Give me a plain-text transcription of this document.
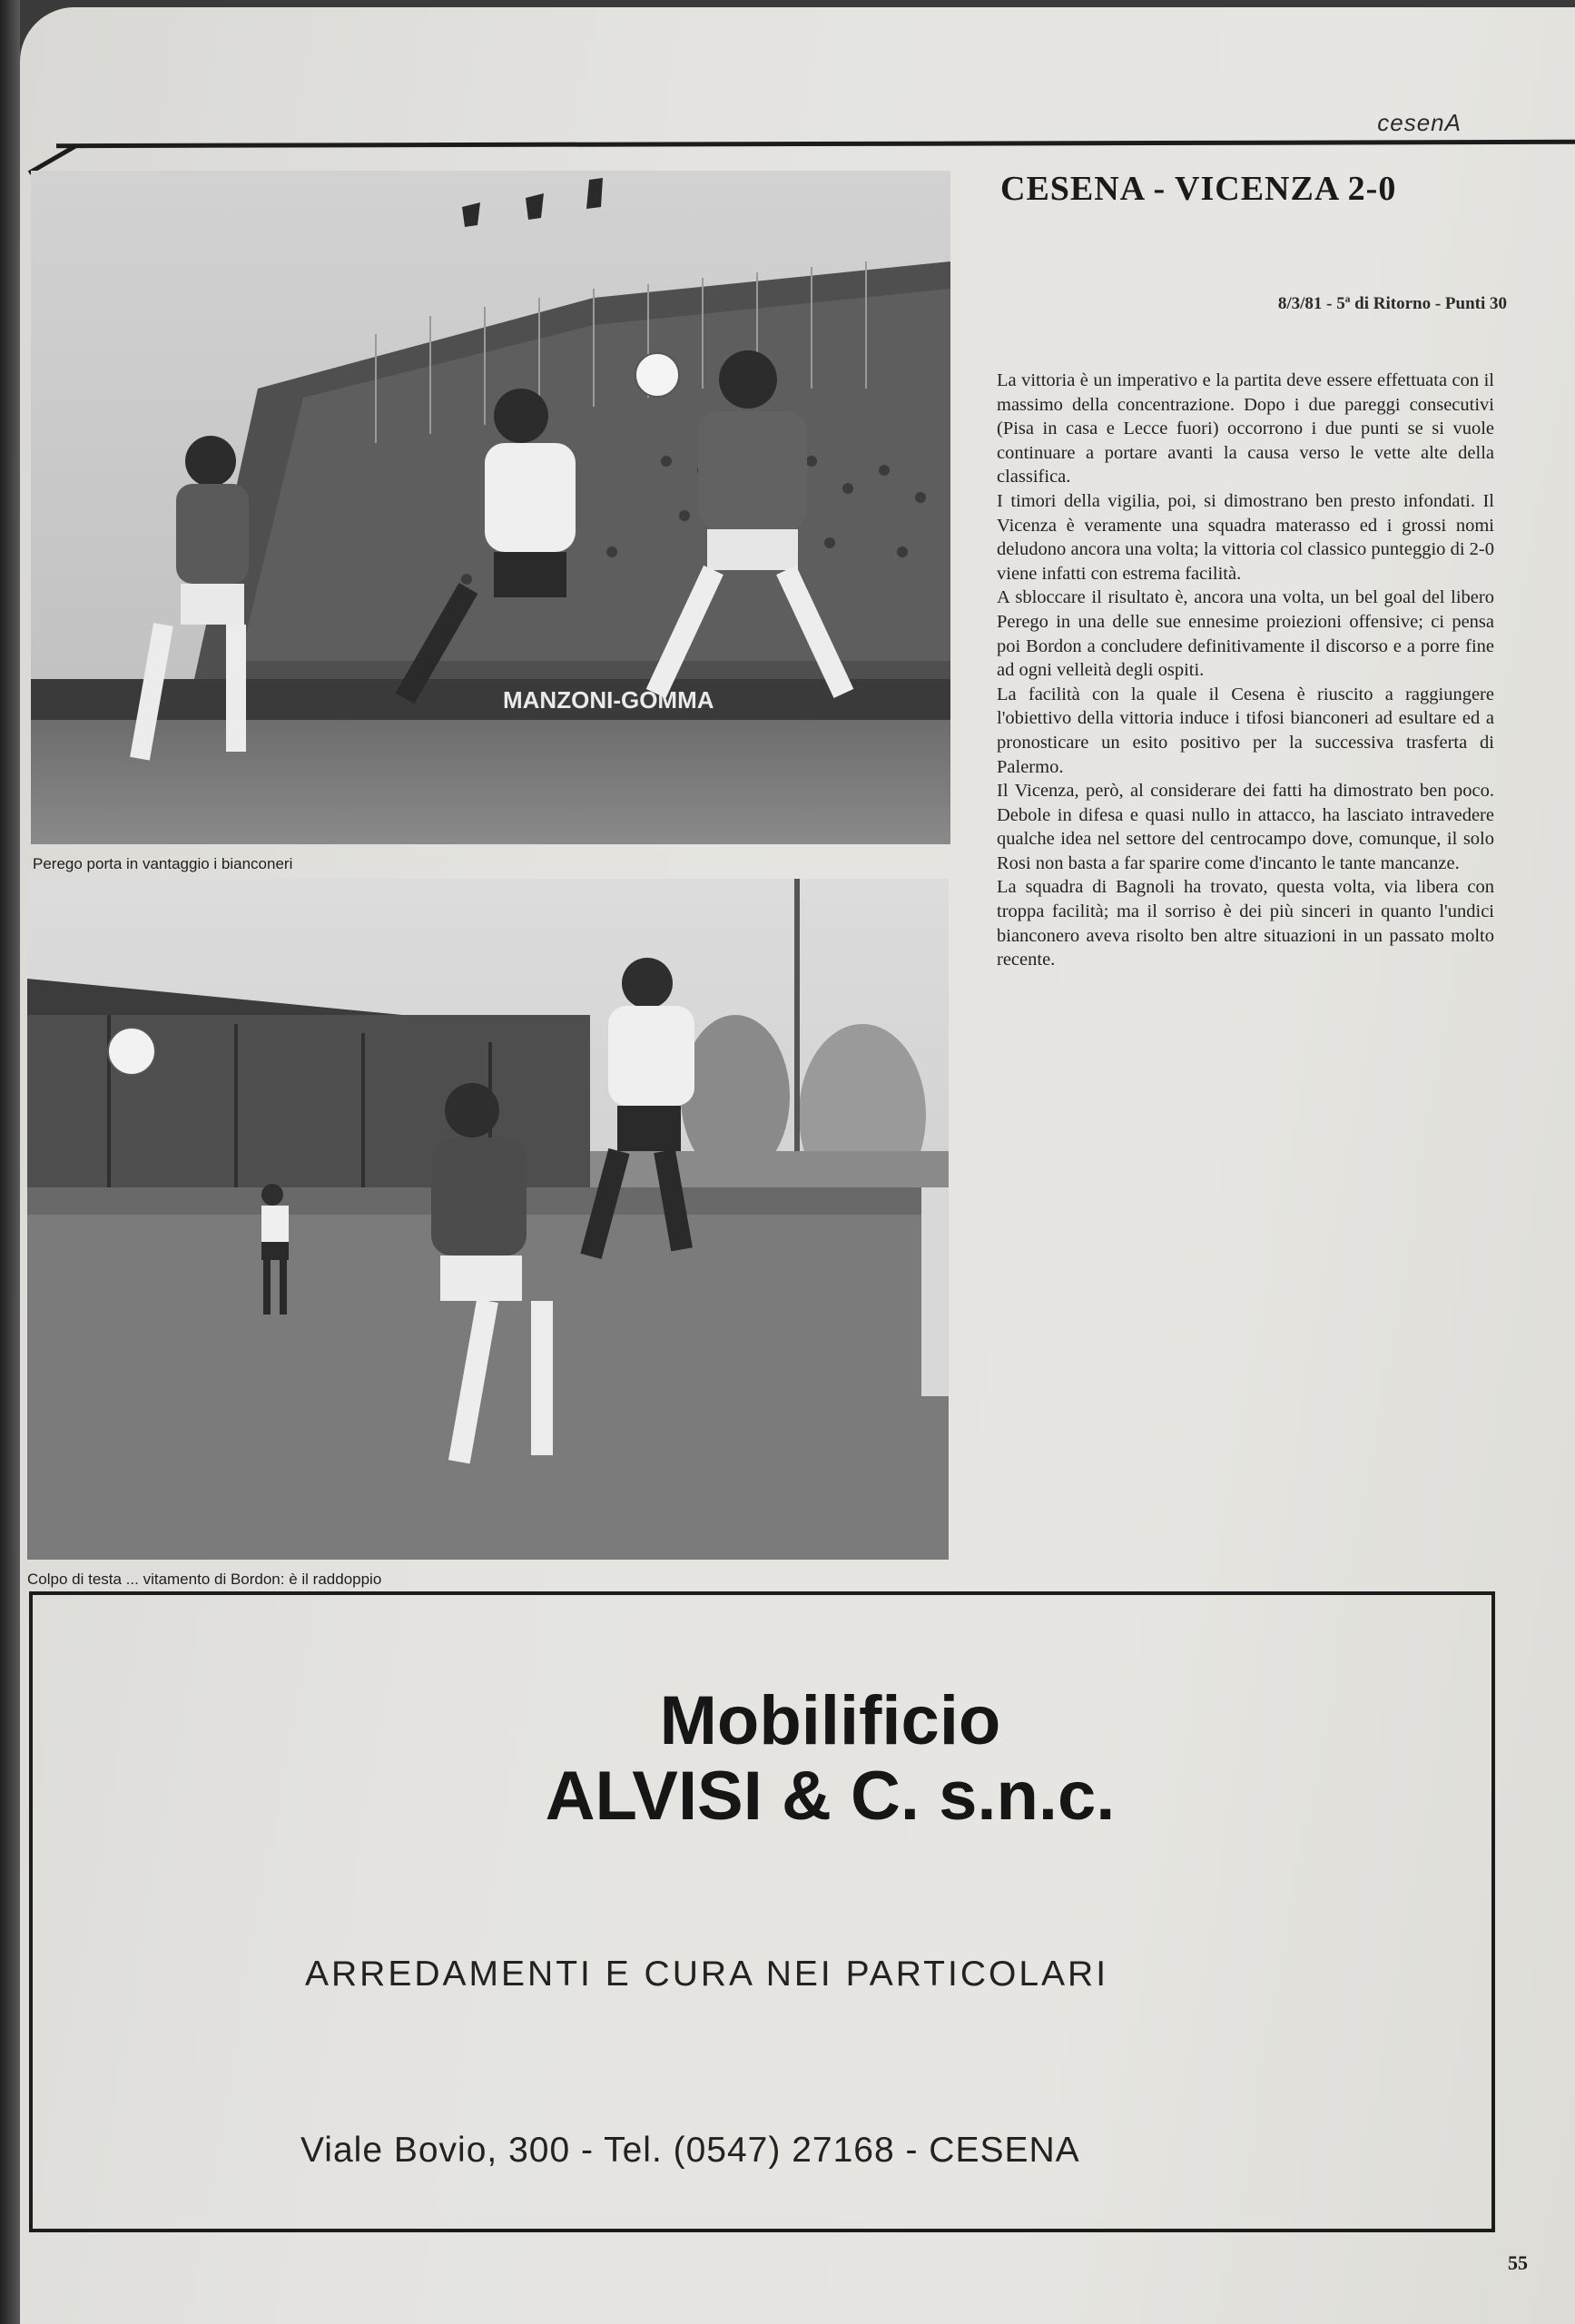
cesenA
MANZONI-GOMMA
Perego porta in vantaggio i bianconeri
Colpo di testa ... vitamento di Bordon: è il raddoppio
CESENA - VICENZA 2-0
8/3/81 - 5ª di Ritorno - Punti 30

La vittoria è un imperativo e la partita deve essere effettuata con il massimo della concentrazione. Dopo i due pareggi consecutivi (Pisa in casa e Lecce fuori) occorrono i due punti se si vuole continuare a portare avanti la causa verso le vette alte della classifica.

I timori della vigilia, poi, si dimostrano ben presto infondati. Il Vicenza è veramente una squadra materasso ed i grossi nomi deludono ancora una volta; la vittoria col classico punteggio di 2-0 viene infatti con estrema facilità.

A sbloccare il risultato è, ancora una volta, un bel goal del libero Perego in una delle sue ennesime proiezioni offensive; ci pensa poi Bordon a concludere definitivamente il discorso e a porre fine ad ogni velleità degli ospiti.

La facilità con la quale il Cesena è riuscito a raggiungere l'obiettivo della vittoria induce i tifosi bianconeri ad esultare ed a pronosticare un esito positivo per la successiva trasferta di Palermo.

Il Vicenza, però, al considerare dei fatti ha dimostrato ben poco. Debole in difesa e quasi nullo in attacco, ha lasciato intravedere qualche idea nel settore del centrocampo dove, comunque, il solo Rosi non basta a far sparire come d'incanto le tante mancanze.

La squadra di Bagnoli ha trovato, questa volta, via libera con troppa facilità; ma il sorriso è dei più sinceri in quanto l'undici bianconero aveva risolto ben altre situazioni in un passato molto recente.

Mobilificio
ALVISI & C. s.n.c.
ARREDAMENTI E CURA NEI PARTICOLARI
Viale Bovio, 300 - Tel. (0547) 27168 - CESENA
55
